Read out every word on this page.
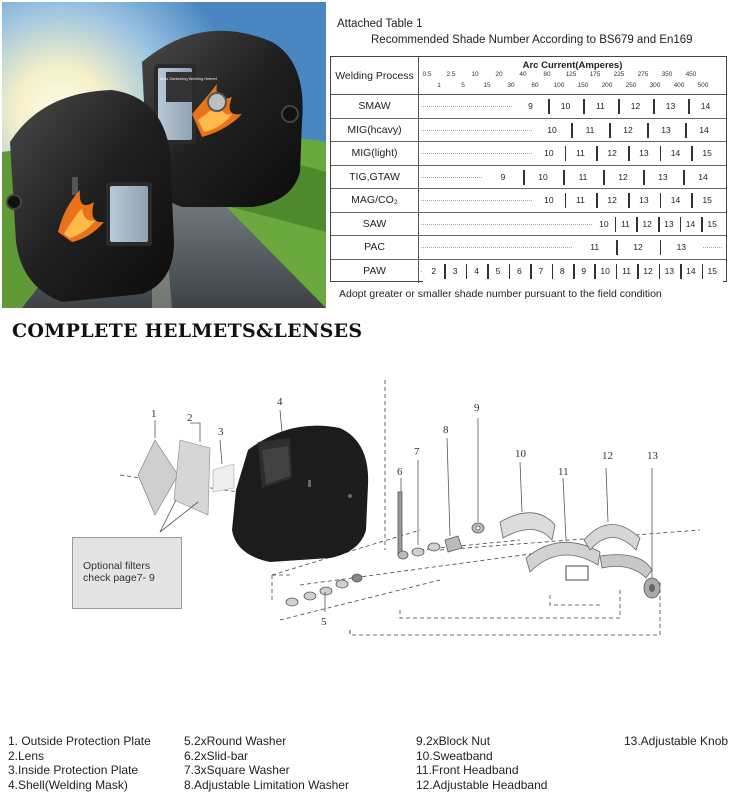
Auto Darkening Welding Helmet
Attached Table 1
Recommended Shade Number According to BS679 and En169
Welding Process
Arc Current(Amperes)
0.5 2.5 10	20	40	80 125 175 225 275 350 450
1	5	15	30	60 100 150 200 250 300 400 500
SMAW	9	10	11	12	13	14
MIG(hcavy)	10	11	12	13	14
MIG(light)	10	11	12	13	14	15
TIG,GTAW	9	10	11	12	13	14
MAG/CO₂	10	11	12	13	14	15
SAW	10	11	12	13	14	15
PAC	11	12	13
PAW	2	3	4	5	6	7	8	9	10	11	12	13	14	15
Adopt greater or smaller shade number pursuant to the field condition
COMPLETE HELMETS&LENSES
1	2
3
4
5
6
7
8
9
10
11
12	13
Optional filters
check page7- 9
1. Outside Protection Plate
2.Lens
3.Inside Protection Plate
4.Shell(Welding Mask)
5.2xRound Washer
6.2xSlid-bar
7.3xSquare Washer
8.Adjustable Limitation Washer
9.2xBlock Nut
10.Sweatband
11.Front Headband
12.Adjustable Headband
13.Adjustable Knob
